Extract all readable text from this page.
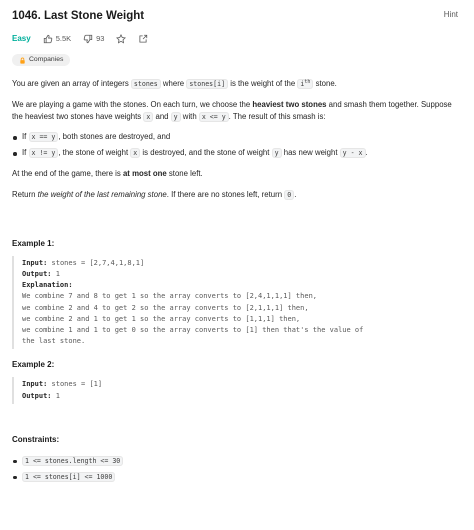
1046. Last Stone Weight	Hint
Easy	5.5K	93
Companies

You are given an array of integers stones where stones[i] is the weight of the $i^{th}$ stone.

We are playing a game with the stones. On each turn, we choose the heaviest two stones and smash them together. Suppose the heaviest two stones have weights x and y with x <= y . The result of this smash is:

If x == y , both stones are destroyed, and
If x != y , the stone of weight x is destroyed, and the stone of weight y has new weight y - x .

At the end of the game, there is at most one stone left.

Return the weight of the last remaining stone. If there are no stones left, return 0 .

Example 1:
Input: stones = [2,7,4,1,8,1]
Output: 1
Explanation:
We combine 7 and 8 to get 1 so the array converts to [2,4,1,1,1] then,
we combine 2 and 4 to get 2 so the array converts to [2,1,1,1] then,
we combine 2 and 1 to get 1 so the array converts to [1,1,1] then,
we combine 1 and 1 to get 0 so the array converts to [1] then that's the value of
the last stone.
Example 2:
Input: stones = [1]
Output: 1
Constraints:
1 <= stones.length <= 30
1 <= stones[i] <= 1000
